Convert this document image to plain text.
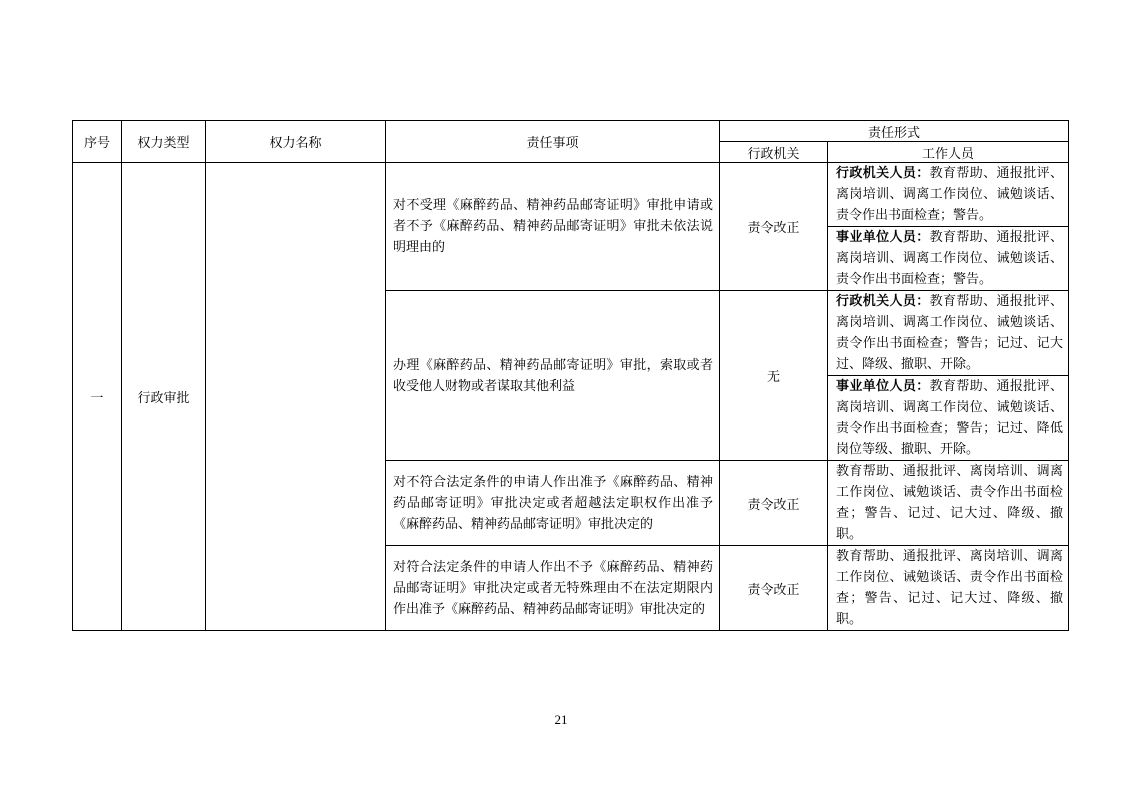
序号	权力类型	权力名称	责任事项	责任形式	
				行政机关	工作人员
一	行政审批		对不受理《麻醉药品、精神药品邮寄证明》审批申请或者不予《麻醉药品、精神药品邮寄证明》审批未依法说明理由的	责令改正	行政机关人员：教育帮助、通报批评、离岗培训、调离工作岗位、诫勉谈话、责令作出书面检查；警告。
					事业单位人员：教育帮助、通报批评、离岗培训、调离工作岗位、诫勉谈话、责令作出书面检查；警告。
			办理《麻醉药品、精神药品邮寄证明》审批，索取或者收受他人财物或者谋取其他利益	无	行政机关人员：教育帮助、通报批评、离岗培训、调离工作岗位、诫勉谈话、责令作出书面检查；警告；记过、记大过、降级、撤职、开除。
					事业单位人员：教育帮助、通报批评、离岗培训、调离工作岗位、诫勉谈话、责令作出书面检查；警告；记过、降低岗位等级、撤职、开除。
			对不符合法定条件的申请人作出准予《麻醉药品、精神药品邮寄证明》审批决定或者超越法定职权作出准予《麻醉药品、精神药品邮寄证明》审批决定的	责令改正	教育帮助、通报批评、离岗培训、调离工作岗位、诫勉谈话、责令作出书面检查；警告、记过、记大过、降级、撤职。
			对符合法定条件的申请人作出不予《麻醉药品、精神药品邮寄证明》审批决定或者无特殊理由不在法定期限内作出准予《麻醉药品、精神药品邮寄证明》审批决定的	责令改正	教育帮助、通报批评、离岗培训、调离工作岗位、诫勉谈话、责令作出书面检查；警告、记过、记大过、降级、撤职。
21
